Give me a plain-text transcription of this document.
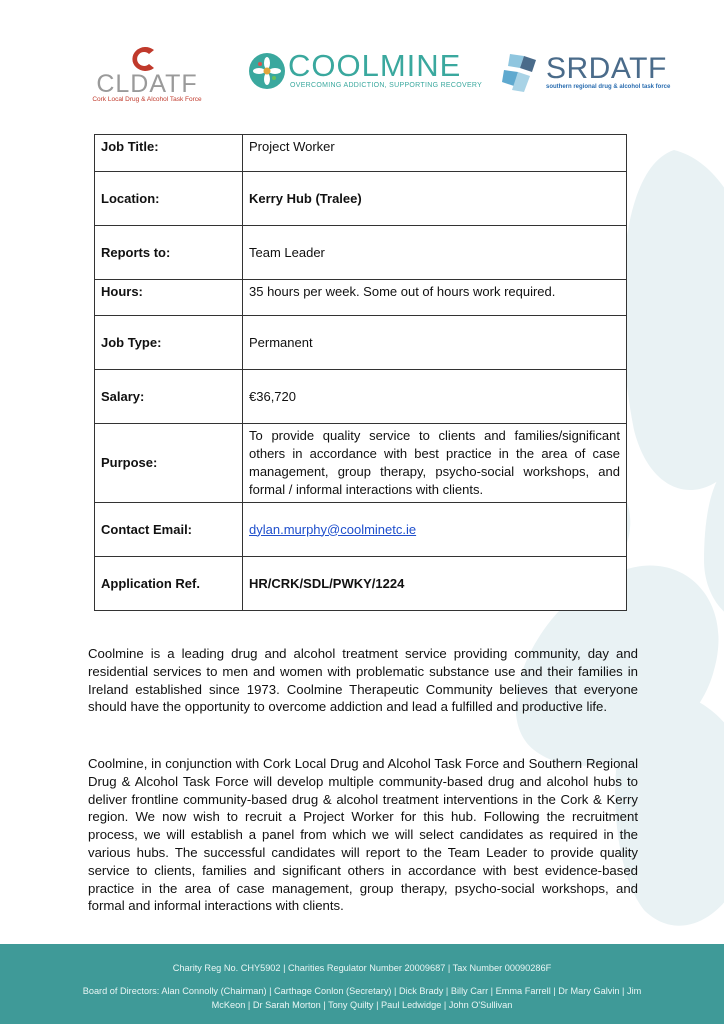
CLDATF
Cork Local Drug & Alcohol Task Force
COOLMINE
OVERCOMING ADDICTION, SUPPORTING RECOVERY
SRDATF
southern regional drug & alcohol task force
Job Title:	Project Worker
Location:	Kerry Hub (Tralee)
Reports to:	Team Leader
Hours:	35 hours per week. Some out of hours work required.
Job Type:	Permanent
Salary:	€36,720
Purpose:	To provide quality service to clients and families/significant others in accordance with best practice in the area of case management, group therapy, psycho-social workshops, and formal / informal interactions with clients.
Contact Email:	dylan.murphy@coolminetc.ie
Application Ref.	HR/CRK/SDL/PWKY/1224

Coolmine is a leading drug and alcohol treatment service providing community, day and residential services to men and women with problematic substance use and their families in Ireland established since 1973. Coolmine Therapeutic Community believes that everyone should have the opportunity to overcome addiction and lead a fulfilled and productive life.

Coolmine, in conjunction with Cork Local Drug and Alcohol Task Force and Southern Regional Drug & Alcohol Task Force will develop multiple community-based drug and alcohol hubs to deliver frontline community-based drug & alcohol treatment interventions in the Cork & Kerry region. We now wish to recruit a Project Worker for this hub. Following the recruitment process, we will establish a panel from which we will select candidates as required in the various hubs. The successful candidates will report to the Team Leader to provide quality service to clients, families and significant others in accordance with best evidence-based practice in the area of case management, group therapy, psycho-social workshops, and formal and informal interactions with clients.

Charity Reg No. CHY5902 | Charities Regulator Number 20009687 | Tax Number 00090286F
Board of Directors: Alan Connolly (Chairman) | Carthage Conlon (Secretary) | Dick Brady | Billy Carr | Emma Farrell | Dr Mary Galvin | Jim McKeon | Dr Sarah Morton | Tony Quilty | Paul Ledwidge | John O'Sullivan
